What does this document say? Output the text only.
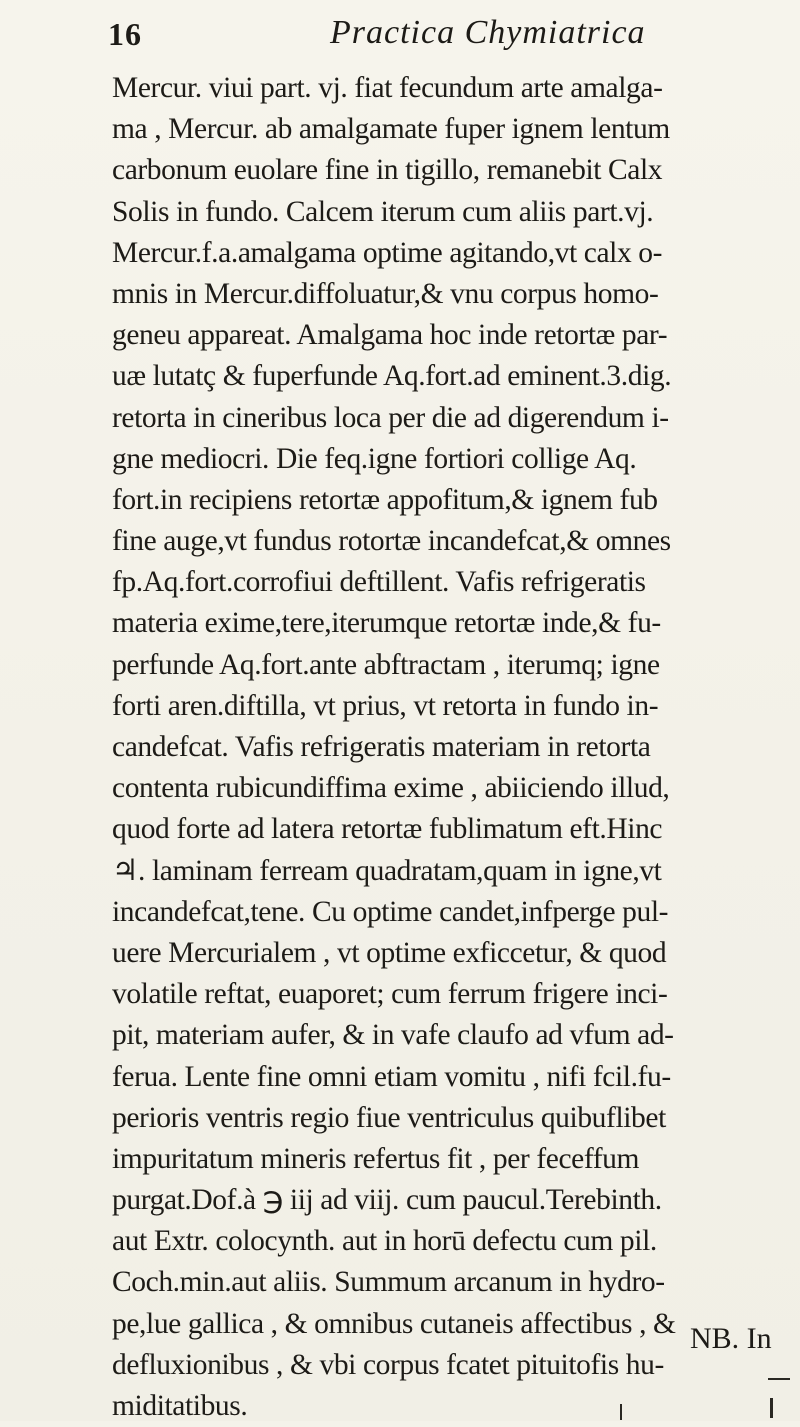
16	Practica Chymiatrica
Mercur. viui part. vj. fiat fecundum arte amalga-
ma , Mercur. ab amalgamate fuper ignem lentum
carbonum euolare fine in tigillo, remanebit Calx
Solis in fundo. Calcem iterum cum aliis part.vj.
Mercur.f.a.amalgama optime agitando,vt calx o-
mnis in Mercur.diffoluatur,& vnu corpus homo-
geneu appareat. Amalgama hoc inde retortæ par-
uæ lutatç & fuperfunde Aq.fort.ad eminent.3.dig.
retorta in cineribus loca per die ad digerendum i-
gne mediocri. Die feq.igne fortiori collige Aq.
fort.in recipiens retortæ appofitum,& ignem fub
fine auge,vt fundus rotortæ incandefcat,& omnes
fp.Aq.fort.corrofiui deftillent. Vafis refrigeratis
materia exime,tere,iterumque retortæ inde,& fu-
perfunde Aq.fort.ante abftractam , iterumq; igne
forti aren.diftilla, vt prius, vt retorta in fundo in-
candefcat. Vafis refrigeratis materiam in retorta
contenta rubicundiffima exime , abiiciendo illud,
quod forte ad latera retortæ fublimatum eft.Hinc
♃. laminam ferream quadratam,quam in igne,vt
incandefcat,tene. Cu optime candet,infperge pul-
uere Mercurialem , vt optime exficcetur, & quod
volatile reftat, euaporet; cum ferrum frigere inci-
pit, materiam aufer, & in vafe claufo ad vfum ad-
ferua. Lente fine omni etiam vomitu , nifi fcil.fu-
perioris ventris regio fiue ventriculus quibuflibet
impuritatum mineris refertus fit , per feceffum
purgat.Dof.à ℈ iij ad viij. cum paucul.Terebinth.
aut Extr. colocynth. aut in horū defectu cum pil.
Coch.min.aut aliis. Summum arcanum in hydro-
pe,lue gallica , & omnibus cutaneis affectibus , &
defluxionibus , & vbi corpus fcatet pituitofis hu-
miditatibus.
NB. In
